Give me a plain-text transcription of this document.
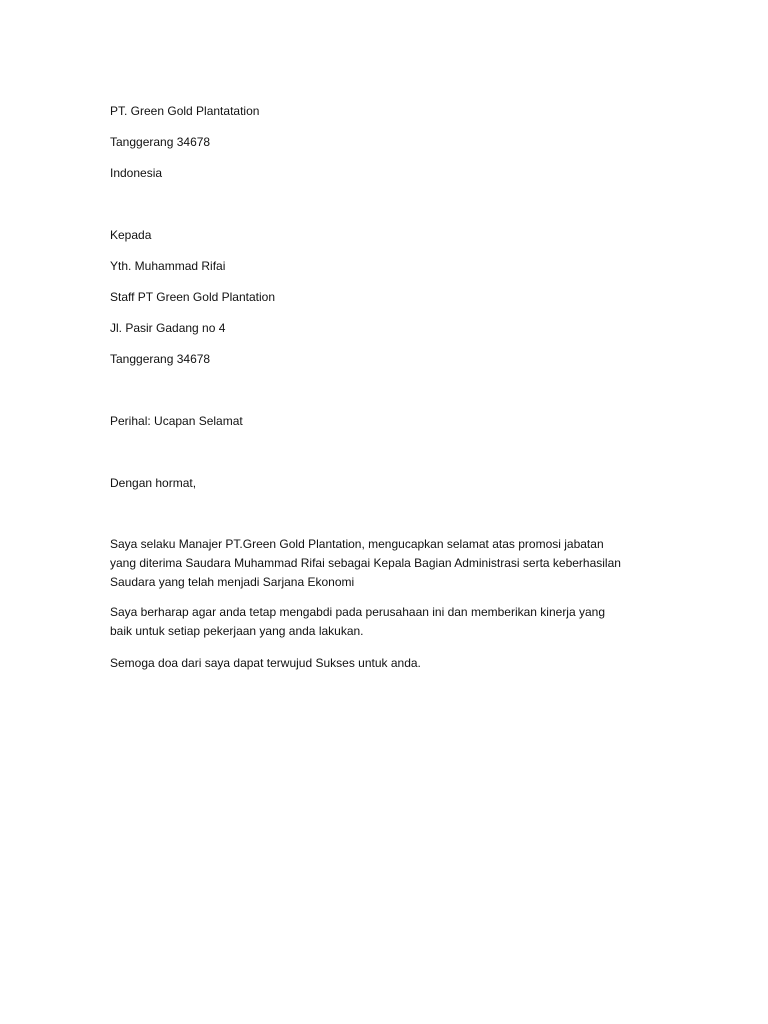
PT. Green Gold Plantatation
Tanggerang 34678
Indonesia
Kepada
Yth. Muhammad Rifai
Staff PT Green Gold Plantation
Jl. Pasir Gadang no 4
Tanggerang 34678
Perihal: Ucapan Selamat
Dengan hormat,
Saya selaku Manajer PT.Green Gold Plantation, mengucapkan selamat atas promosi jabatan
yang diterima Saudara Muhammad Rifai sebagai Kepala Bagian Administrasi serta keberhasilan
Saudara yang telah menjadi Sarjana Ekonomi
Saya berharap agar anda tetap mengabdi pada perusahaan ini dan memberikan kinerja yang
baik untuk setiap pekerjaan yang anda lakukan.
Semoga doa dari saya dapat terwujud Sukses untuk anda.
